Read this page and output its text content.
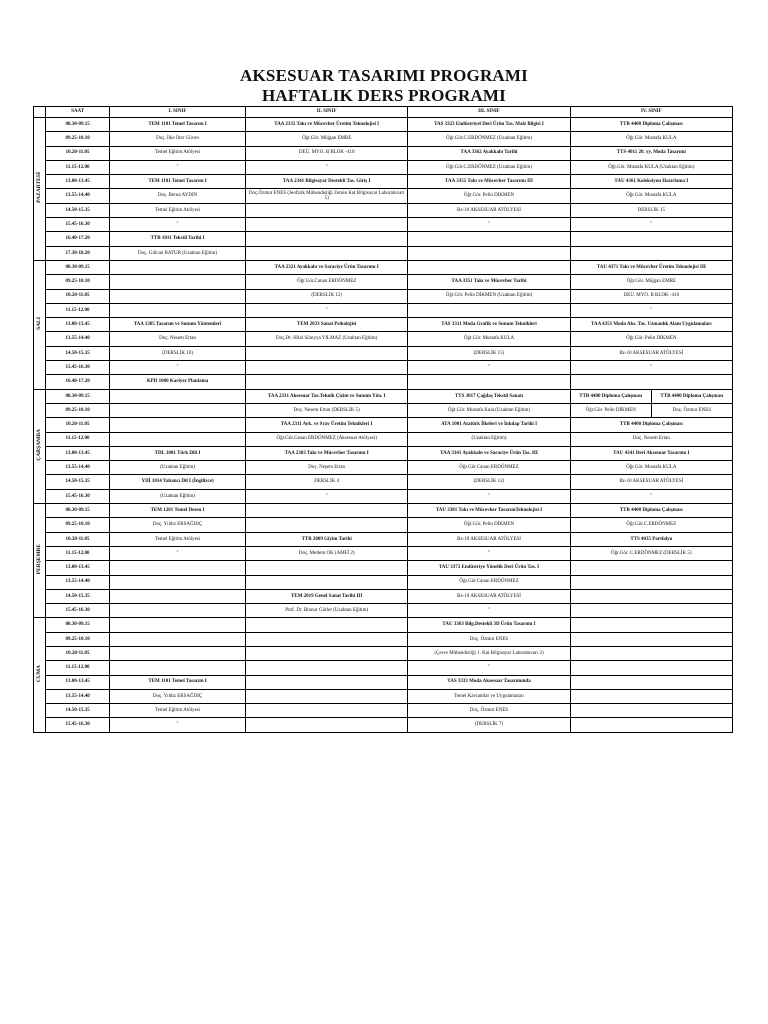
AKSESUAR TASARIMI PROGRAMI
HAFTALIK DERS PROGRAMI
	SAAT	I. SINIF	II. SINIF	III. SINIF	IV. SINIF	
PAZARTESİ	08.30-09.15	TEM 1101 Temel Tasarım I	TAA 2335 Takı ve Mücevher Üretim Teknolojisi I	TAS 3323 Endüstriyel Deri Ürün Tas. Malz Bilgisi I	TTB 4400 Diploma Çalışması	
	09.25-10.10	Doç. İlke İlter Güven	Öğr.Gör. Müjgan EMRE	Öğr.Gör.C.ERDÖNMEZ (Uzaktan Eğitim)	Öğr.Gör. Mustafa KULA	
	10.20-11.05	Temel Eğitim Atölyesi	DEÜ. MYO. B BLOK -410	TAA 3362 Ayakkabı Tarihi	TTS 4011 20. yy. Moda Tasarımı	
	11.15-12.00	"	"	Öğr.Gör.C.ERDÖNMEZ (Uzaktan Eğitim)	Öğr.Gör. Mustafa KULA (Uzaktan Eğitim)	
	13.00-13.45	TEM 1101 Temel Tasarım I	TAA 2341 Bilgisayar Destekli Tas. Giriş I	TAA 3355 Takı ve Mücevher Tasarımı III	TAU 4361 Koleksiyon Hazırlama I	
	13.55-14.40	Doç. Berna AYDIN	Doç.Özmur ENES (Jeofizik Mühendisliği Zemin Kat Bilgisayar Laboratuvarı 5)	Öğr.Gör. Pelin DİKMEN	Öğr.Gör. Mustafa KULA	
	14.50-15.35	Temel Eğitim Atölyesi		Bz-10 AKSESUAR ATÖLYESİ	DERSLİK 15	
	15.45-16.30	"		"	"	
	16.40-17.20	TTB 1011 Tekstil Tarihi I				
	17.30-18.20	Doç. Gülcan BATUR (Uzaktan Eğitim)				
SALI	08.30-09.15		TAA 2321 Ayakkabı ve Saraciye Ürün Tasarımı I		TAU 4371 Takı ve Mücevher Üretim Teknolojisi III	
	09.25-10.10		Öğr.Gör.Canan ERDÖNMEZ	TAA 3351 Takı ve Mücevher Tarihi	Öğr.Gör. Müjgan EMRE	
	10.20-11.05		(DERSLİK 12)	Öğr.Gör. Pelin DİKMEN (Uzaktan Eğitim)	DEÜ. MYO. B BLOK -410	
	11.15-12.00		"		"	
	13.00-13.45	TAA 1305 Tasarım ve Sunum Yöntemleri	TEM 2033 Sanat Psikolojisi	TAS 3311 Moda Grafik ve Sunum Teknikleri	TAA 4351 Moda Aks. Tas. Uzmanlık Alanı Uygulamaları	
	13.55-14.40	Doç. Nesem Ertan	Doç.Dr. Hilal Süreyya YILMAZ (Uzaktan Eğitim)	Öğr.Gör. Mustafa KULA	Öğr.Gör. Pelin DİKMEN	
	14.50-15.35	(DERSLİK 10)		(DERSLİK 15)	Bz-10 AKSESUAR ATÖLYESİ	
	15.45-16.30	"		"	"	
	16.40-17.20	KPD 1000 Kariyer Planlama				
ÇARŞAMBA	08.30-09.15		TAA 2331 Aksesuar Tas.Teknik Çizim ve Sunum Yön. I	TTS 3017 Çağdaş Tekstil Sanatı	TTB 4400 Diploma Çalışması	TTB 4400 Diploma Çalışması
	09.25-10.10		Doç. Nesem Ertan (DERSLİK 5)	Öğr.Gör. Mustafa Kula (Uzaktan Eğitim)	Öğr.Gör. Pelin DİKMEN	Doç. Özmur ENES
	10.20-11.05		TAA 2311 Ayk. ve Sray Üretim Teknikleri I	ATA 1001 Atatürk İlkeleri ve İnkılap Tarihi I	TTB 4400 Diploma Çalışması	
	11.15-12.00		Öğr.Gör.Canan ERDÖNMEZ (Aksesuar Atölyesi)	(Uzaktan Eğitim)	Doç. Nesem Ertan	
	13.00-13.45	TDL 1001 Türk Dili I	TAA 2303 Takı ve Mücevher Tasarımı I	TAA 3341 Ayakkabı ve Saraciye Ürün Tas. III	TAU 4341 Deri Aksesuar Tasarımı I	
	13.55-14.40	(Uzaktan Eğitim)	Doç. Neşem Ertan	Öğr.Gör.Canan ERDÖNMEZ	Öğr.Gör. Mustafa KULA	
	14.50-15.35	YDİ 1014 Yabancı Dil I (İngilizce)	DERSLİK 4	(DERSLİK 12)	Bz-10 AKSESUAR ATÖLYESİ	
	15.45-16.30	(Uzaktan Eğitim)	"	"	"	
PERŞEMBE	08.30-09.15	TEM 1201 Temel Desen I		TAU 3381 Takı ve Mücevher TasarımTeknolojisi I	TTB 4400 Diploma Çalışması	
	09.25-10.10	Doç. Yıldız ERSAĞDIÇ		Öğr.Gör. Pelin DİKMEN	Öğr.Gör.C.ERDÖNMEZ	
	10.20-11.05	Temel Eğitim Atölyesi	TTB 2009 Giyim Tarihi	Bz-10 AKSESUAR ATÖLYESİ	TTS 4035 Portfolyo	
	11.15-12.00	"	Doç. Meltem OK (AMFİ 2)	"	Öğr.Gör. C.ERDÖNMEZ (DERSLİK 5)	
	13.00-13.45			TAU 3373 Endüstriye Yönelik Deri Ürün Tas. I		
	13.55-14.40			Öğr.Gör.Canan ERDÖNMEZ		
	14.50-15.35		TEM 2019 Genel Sanat Tarihi III	Bz-10 AKSESUAR ATÖLYESİ		
	15.45-16.30		Prof. Dr. Binnur Gürler (Uzaktan Eğitim)	"		
CUMA	08.30-09.15			TAU 3363 Bilg.Destekli 3D Ürün Tasarımı I		
	09.25-10.10			Doç. Özmur ENES		
	10.20-11.05			(Çevre Mühendisliği 1. Kat Bilgisayar Laboratuvarı 2)		
	11.15-12.00			"		
	13.00-13.45	TEM 1101 Temel Tasarım I		TAS 3333 Moda Aksesuar Tasarımında		
	13.55-14.40	Doç. Yıldız ERSAĞDIÇ		Temel Kavramlar ve Uygulamaları		
	14.50-15.35	Temel Eğitim Atölyesi		Doç. Özmur ENES		
	15.45-16.30	"		(DERSLİK 7)		
